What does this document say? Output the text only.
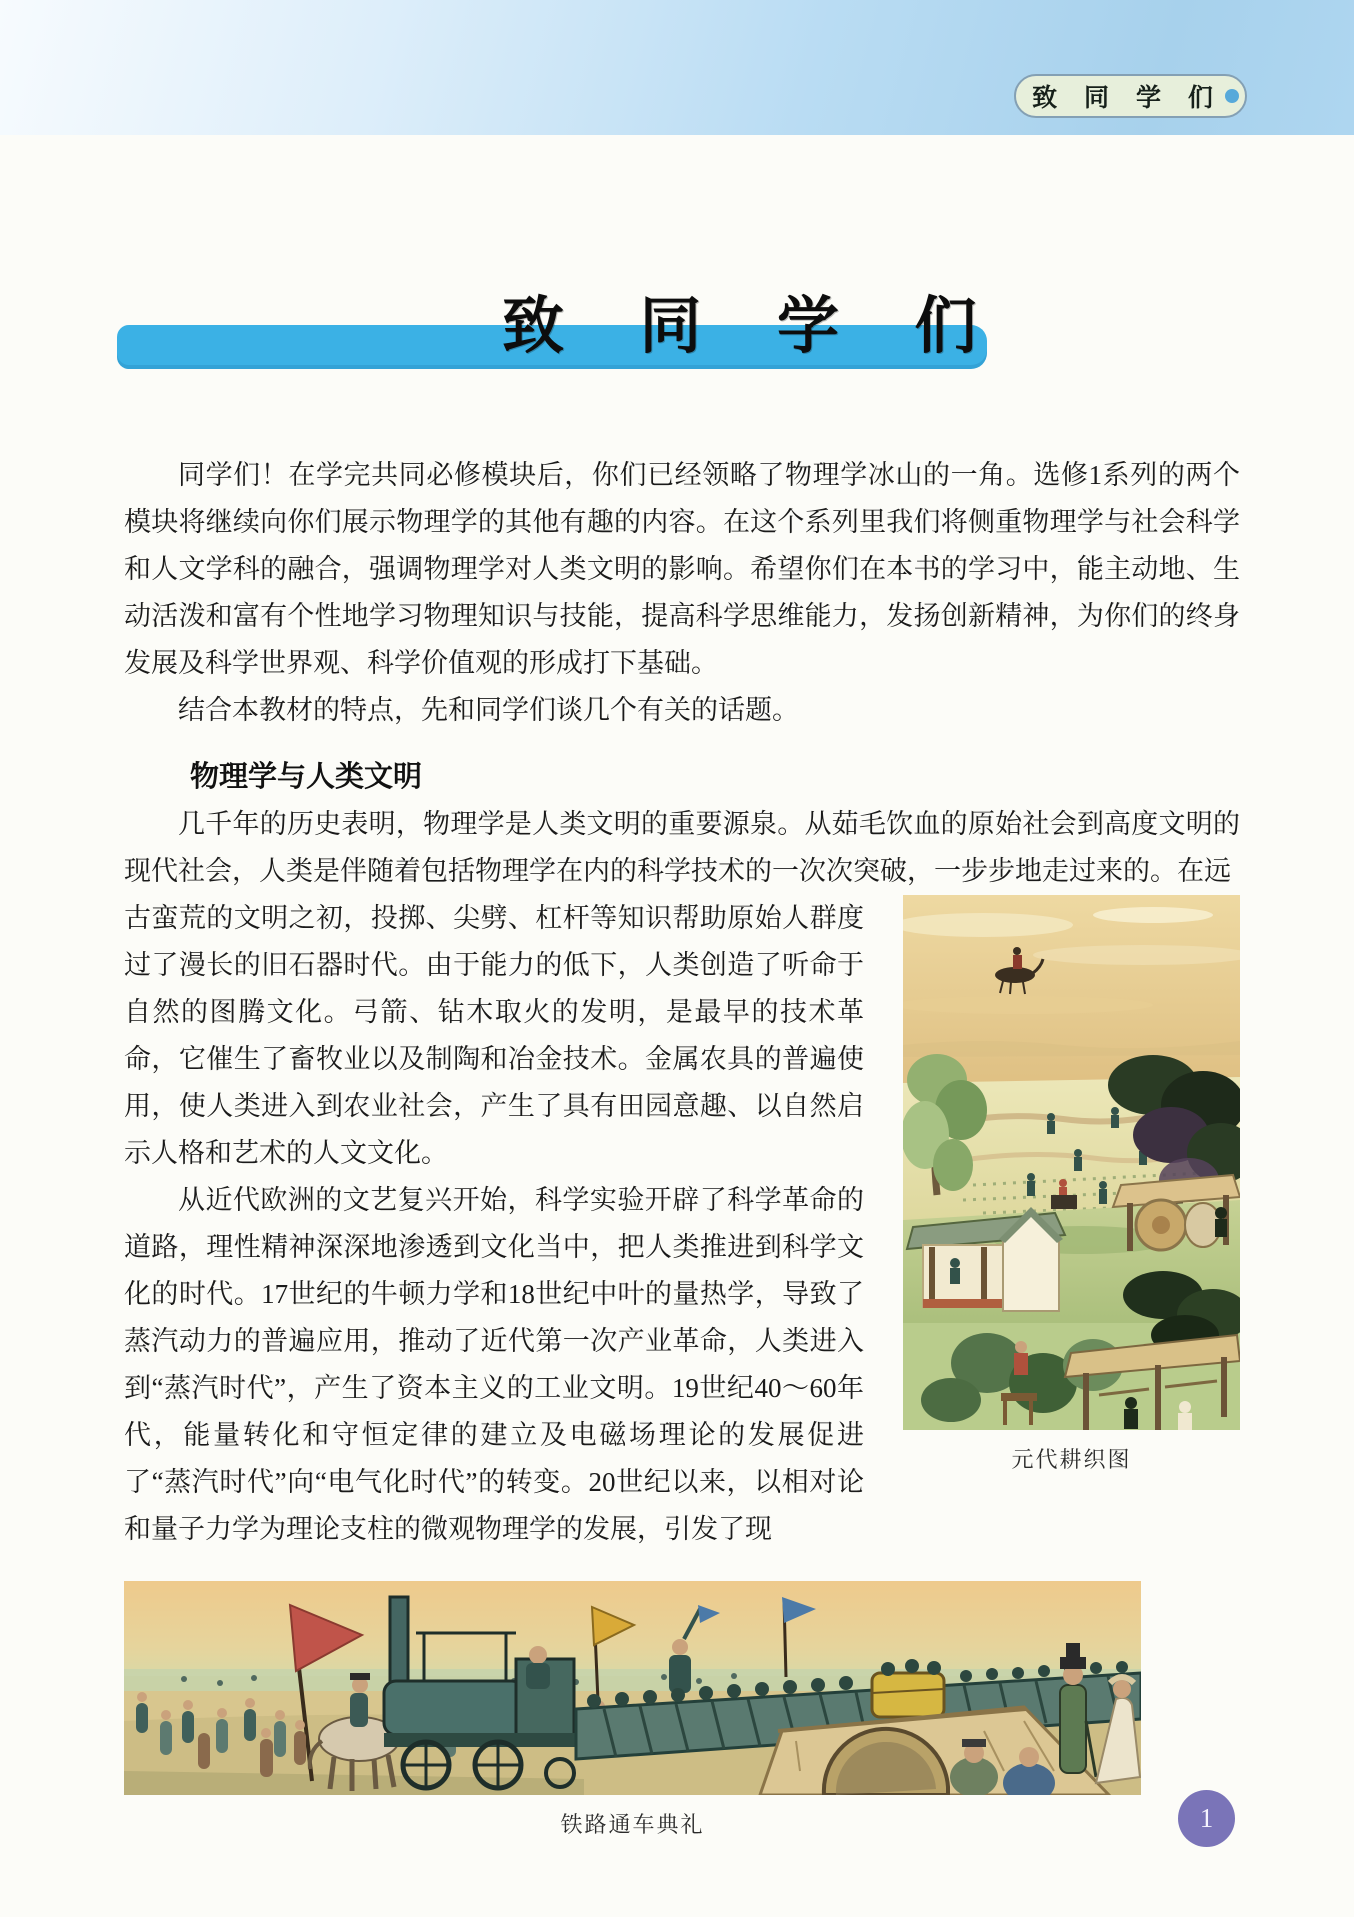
致 同 学 们
致 同 学 们

同学们！在学完共同必修模块后，你们已经领略了物理学冰山的一角。选修1系列的两个模块将继续向你们展示物理学的其他有趣的内容。在这个系列里我们将侧重物理学与社会科学和人文学科的融合，强调物理学对人类文明的影响。希望你们在本书的学习中，能主动地、生动活泼和富有个性地学习物理知识与技能，提高科学思维能力，发扬创新精神，为你们的终身发展及科学世界观、科学价值观的形成打下基础。

结合本教材的特点，先和同学们谈几个有关的话题。

物理学与人类文明

几千年的历史表明，物理学是人类文明的重要源泉。从茹毛饮血的原始社会到高度文明的现代社会，人类是伴随着包括物理学在内的科学技术的一次次突破，一步步地走过来的。在远

古蛮荒的文明之初，投掷、尖劈、杠杆等知识帮助原始人群度过了漫长的旧石器时代。由于能力的低下，人类创造了听命于自然的图腾文化。弓箭、钻木取火的发明，是最早的技术革命，它催生了畜牧业以及制陶和冶金技术。金属农具的普遍使用，使人类进入到农业社会，产生了具有田园意趣、以自然启示人格和艺术的人文文化。

从近代欧洲的文艺复兴开始，科学实验开辟了科学革命的道路，理性精神深深地渗透到文化当中，把人类推进到科学文化的时代。17世纪的牛顿力学和18世纪中叶的量热学，导致了蒸汽动力的普遍应用，推动了近代第一次产业革命，人类进入到“蒸汽时代”，产生了资本主义的工业文明。19世纪40～60年代，能量转化和守恒定律的建立及电磁场理论的发展促进了“蒸汽时代”向“电气化时代”的转变。20世纪以来，以相对论和量子力学为理论支柱的微观物理学的发展，引发了现

元代耕织图
铁路通车典礼	1
